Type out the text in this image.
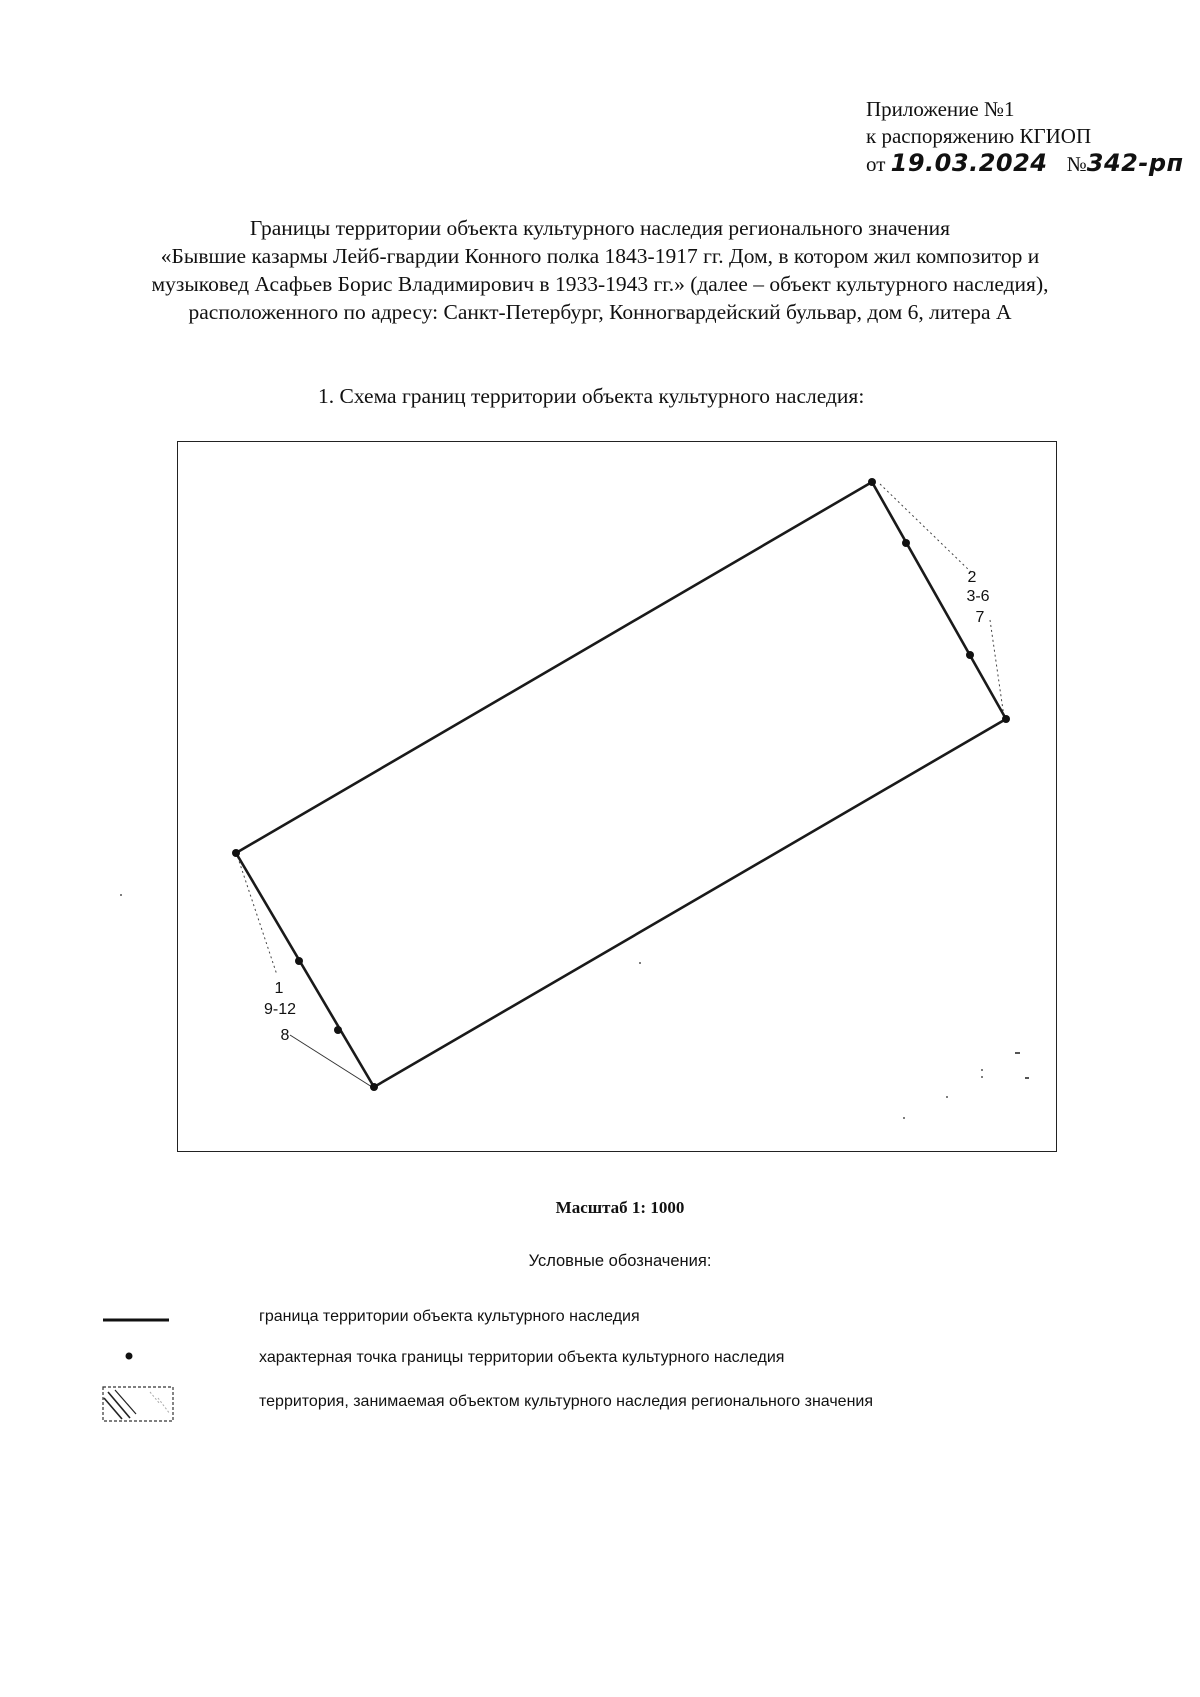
Приложение №1
к распоряжению КГИОП
от 19.03.2024 №342-рп
Границы территории объекта культурного наследия регионального значения
«Бывшие казармы Лейб-гвардии Конного полка 1843-1917 гг. Дом, в котором жил композитор и
музыковед Асафьев Борис Владимирович в 1933-1943 гг.» (далее – объект культурного наследия),
расположенного по адресу: Санкт-Петербург, Конногвардейский бульвар, дом 6, литера А
1. Схема границ территории объекта культурного наследия:
2
3-6
7
1
9-12
8
Масштаб 1: 1000
Условные обозначения:
граница территории объекта культурного наследия
характерная точка границы территории объекта культурного наследия
территория, занимаемая объектом культурного наследия регионального значения
